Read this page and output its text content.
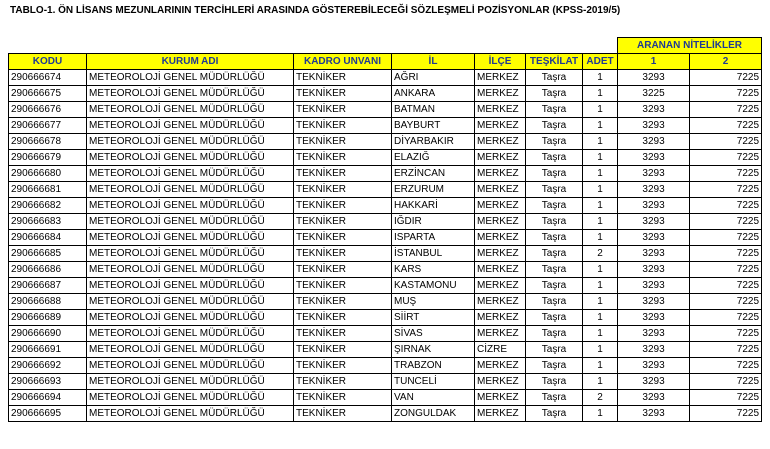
TABLO-1. ÖN LİSANS MEZUNLARININ TERCİHLERİ ARASINDA GÖSTEREBİLECEĞİ SÖZLEŞMELİ POZİSYONLAR (KPSS-2019/5)
							ARANAN NİTELİKLER	
KODU	KURUM ADI	KADRO UNVANI	İL	İLÇE	TEŞKİLAT	ADET	1	2
290666674	METEOROLOJİ GENEL MÜDÜRLÜĞÜ	TEKNİKER	AĞRI	MERKEZ	Taşra	1	3293	7225
290666675	METEOROLOJİ GENEL MÜDÜRLÜĞÜ	TEKNİKER	ANKARA	MERKEZ	Taşra	1	3225	7225
290666676	METEOROLOJİ GENEL MÜDÜRLÜĞÜ	TEKNİKER	BATMAN	MERKEZ	Taşra	1	3293	7225
290666677	METEOROLOJİ GENEL MÜDÜRLÜĞÜ	TEKNİKER	BAYBURT	MERKEZ	Taşra	1	3293	7225
290666678	METEOROLOJİ GENEL MÜDÜRLÜĞÜ	TEKNİKER	DİYARBAKIR	MERKEZ	Taşra	1	3293	7225
290666679	METEOROLOJİ GENEL MÜDÜRLÜĞÜ	TEKNİKER	ELAZIĞ	MERKEZ	Taşra	1	3293	7225
290666680	METEOROLOJİ GENEL MÜDÜRLÜĞÜ	TEKNİKER	ERZİNCAN	MERKEZ	Taşra	1	3293	7225
290666681	METEOROLOJİ GENEL MÜDÜRLÜĞÜ	TEKNİKER	ERZURUM	MERKEZ	Taşra	1	3293	7225
290666682	METEOROLOJİ GENEL MÜDÜRLÜĞÜ	TEKNİKER	HAKKARİ	MERKEZ	Taşra	1	3293	7225
290666683	METEOROLOJİ GENEL MÜDÜRLÜĞÜ	TEKNİKER	IĞDIR	MERKEZ	Taşra	1	3293	7225
290666684	METEOROLOJİ GENEL MÜDÜRLÜĞÜ	TEKNİKER	ISPARTA	MERKEZ	Taşra	1	3293	7225
290666685	METEOROLOJİ GENEL MÜDÜRLÜĞÜ	TEKNİKER	İSTANBUL	MERKEZ	Taşra	2	3293	7225
290666686	METEOROLOJİ GENEL MÜDÜRLÜĞÜ	TEKNİKER	KARS	MERKEZ	Taşra	1	3293	7225
290666687	METEOROLOJİ GENEL MÜDÜRLÜĞÜ	TEKNİKER	KASTAMONU	MERKEZ	Taşra	1	3293	7225
290666688	METEOROLOJİ GENEL MÜDÜRLÜĞÜ	TEKNİKER	MUŞ	MERKEZ	Taşra	1	3293	7225
290666689	METEOROLOJİ GENEL MÜDÜRLÜĞÜ	TEKNİKER	SİİRT	MERKEZ	Taşra	1	3293	7225
290666690	METEOROLOJİ GENEL MÜDÜRLÜĞÜ	TEKNİKER	SİVAS	MERKEZ	Taşra	1	3293	7225
290666691	METEOROLOJİ GENEL MÜDÜRLÜĞÜ	TEKNİKER	ŞIRNAK	CİZRE	Taşra	1	3293	7225
290666692	METEOROLOJİ GENEL MÜDÜRLÜĞÜ	TEKNİKER	TRABZON	MERKEZ	Taşra	1	3293	7225
290666693	METEOROLOJİ GENEL MÜDÜRLÜĞÜ	TEKNİKER	TUNCELİ	MERKEZ	Taşra	1	3293	7225
290666694	METEOROLOJİ GENEL MÜDÜRLÜĞÜ	TEKNİKER	VAN	MERKEZ	Taşra	2	3293	7225
290666695	METEOROLOJİ GENEL MÜDÜRLÜĞÜ	TEKNİKER	ZONGULDAK	MERKEZ	Taşra	1	3293	7225
